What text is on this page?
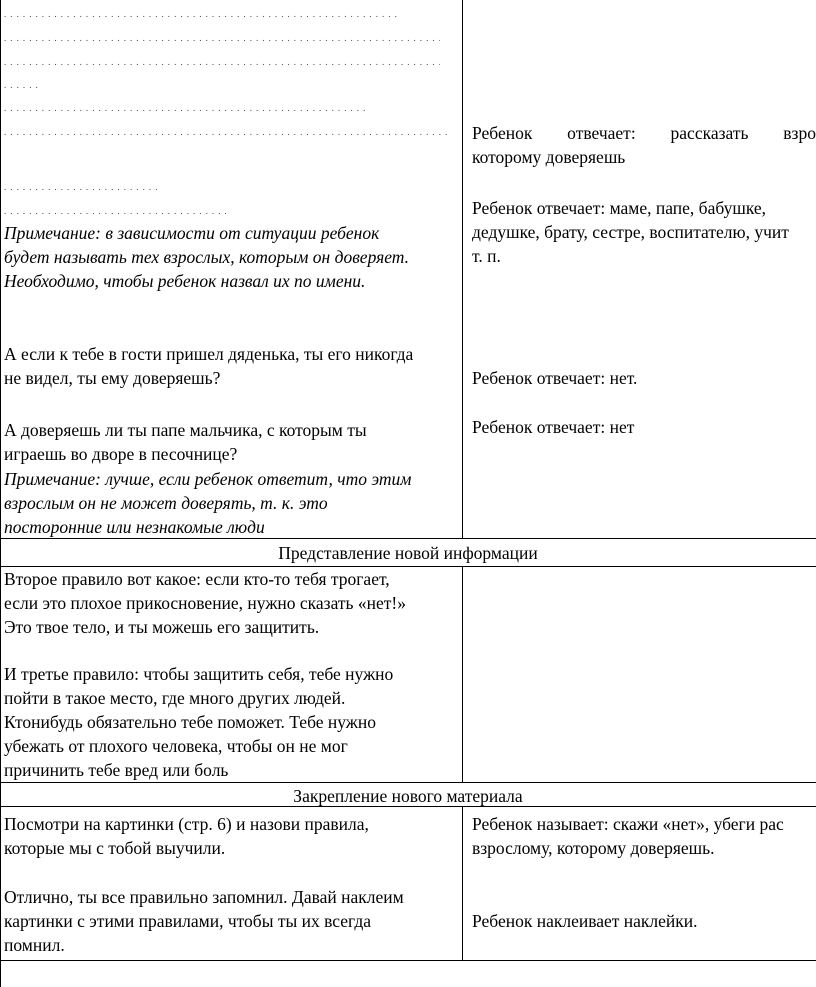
. . .
. . .
. . .
. . .
. . .
. . .
. . .
. . .
Примечание: в зависимости от ситуации ребенок
будет называть тех взрослых, которым он доверяет.
Необходимо, чтобы ребенок назвал их по имени.
А если к тебе в гости пришел дяденька, ты его никогда
не видел, ты ему доверяешь?
А доверяешь ли ты папе мальчика, с которым ты
играешь во дворе в песочнице?
Примечание: лучше, если ребенок ответит, что этим
взрослым он не может доверять, т. к. это
посторонние или незнакомые люди
Ребенок отвечает: рассказать взро
которому доверяешь
Ребенок отвечает: маме, папе, бабушке,
дедушке, брату, сестре, воспитателю, учит
т. п.
Ребенок отвечает: нет.
Ребенок отвечает: нет
Представление новой информации
Второе правило вот какое: если кто-то тебя трогает,
если это плохое прикосновение, нужно сказать «нет!»
Это твое тело, и ты можешь его защитить.
И третье правило: чтобы защитить себя, тебе нужно
пойти в такое место, где много других людей.
Ктонибудь обязательно тебе поможет. Тебе нужно
убежать от плохого человека, чтобы он не мог
причинить тебе вред или боль
Закрепление нового материала
Посмотри на картинки (стр. 6) и назови правила,
которые мы с тобой выучили.
Отлично, ты все правильно запомнил. Давай наклеим
картинки с этими правилами, чтобы ты их всегда
помнил.
Ребенок называет: скажи «нет», убеги рас
взрослому, которому доверяешь.
Ребенок наклеивает наклейки.
